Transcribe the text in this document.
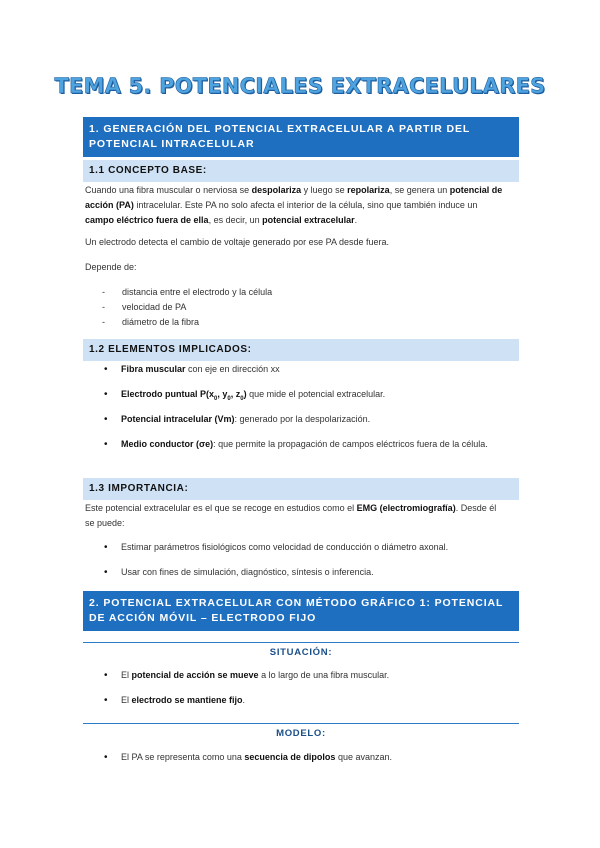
TEMA 5. POTENCIALES EXTRACELULARES
1. GENERACIÓN DEL POTENCIAL EXTRACELULAR A PARTIR DEL POTENCIAL INTRACELULAR
1.1 CONCEPTO BASE:
Cuando una fibra muscular o nerviosa se despolariza y luego se repolariza, se genera un potencial de acción (PA) intracelular. Este PA no solo afecta el interior de la célula, sino que también induce un campo eléctrico fuera de ella, es decir, un potencial extracelular.
Un electrodo detecta el cambio de voltaje generado por ese PA desde fuera.
Depende de:
- distancia entre el electrodo y la célula
- velocidad de PA
- diámetro de la fibra
1.2 ELEMENTOS IMPLICADOS:
• Fibra muscular con eje en dirección xx
• Electrodo puntual $P(x_0$, $y_0$, $z_0$) que mide el potencial extracelular.
• Potencial intracelular (Vm): generado por la despolarización.
• Medio conductor (σe): que permite la propagación de campos eléctricos fuera de la célula.
1.3 IMPORTANCIA:
Este potencial extracelular es el que se recoge en estudios como el EMG (electromiografía). Desde él se puede:
• Estimar parámetros fisiológicos como velocidad de conducción o diámetro axonal.
• Usar con fines de simulación, diagnóstico, síntesis o inferencia.
2. POTENCIAL EXTRACELULAR CON MÉTODO GRÁFICO 1: POTENCIAL DE ACCIÓN MÓVIL – ELECTRODO FIJO
SITUACIÓN:
• El potencial de acción se mueve a lo largo de una fibra muscular.
• El electrodo se mantiene fijo.
MODELO:
• El PA se representa como una secuencia de dipolos que avanzan.
